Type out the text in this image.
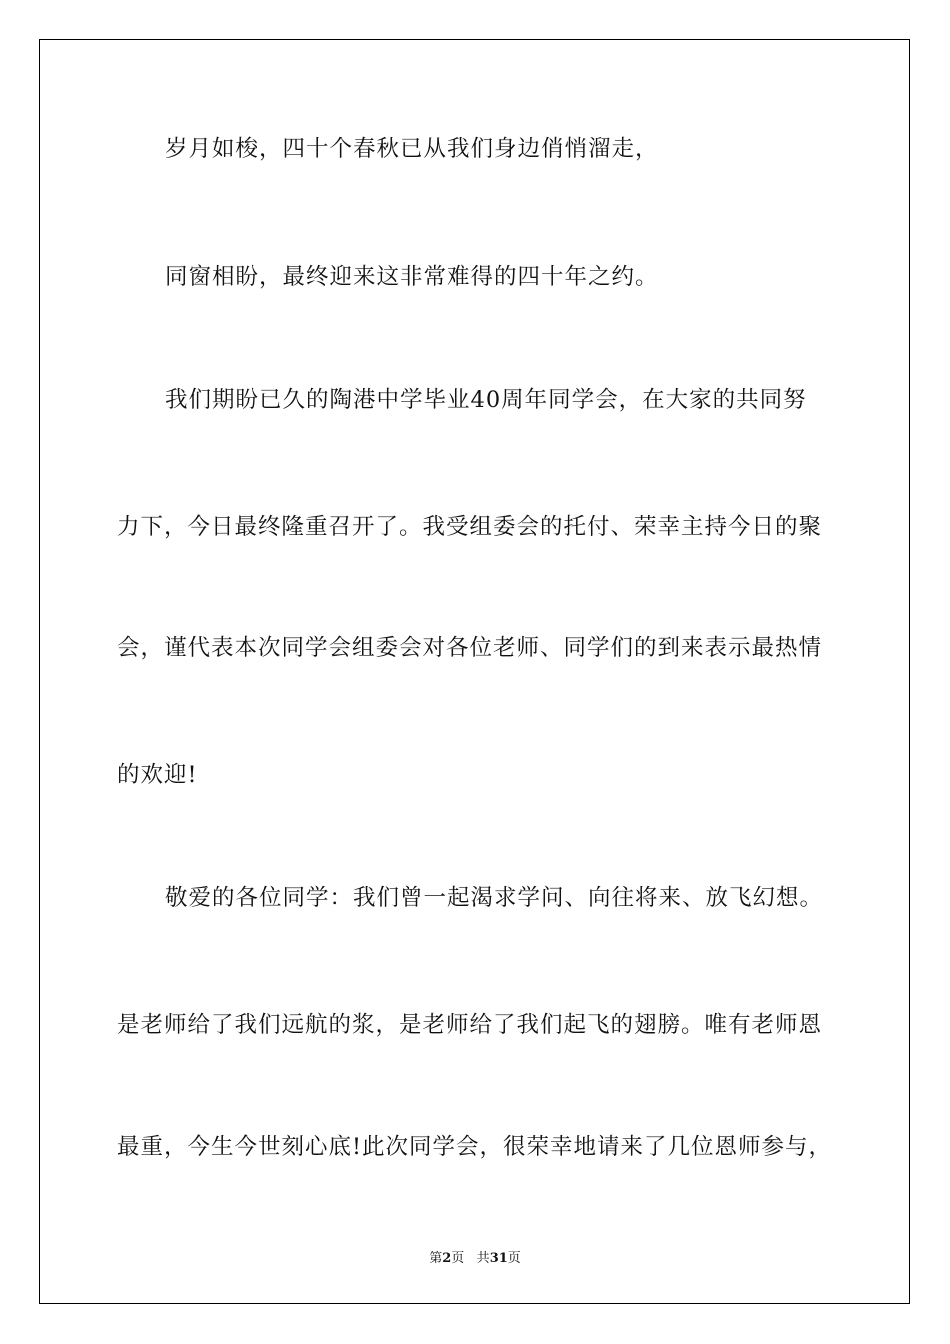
岁月如梭，四十个春秋已从我们身边俏悄溜走，
同窗相盼，最终迎来这非常难得的四十年之约。
我们期盼已久的陶港中学毕业40周年同学会，在大家的共同努
力下，今日最终隆重召开了。我受组委会的托付、荣幸主持今日的聚
会，谨代表本次同学会组委会对各位老师、同学们的到来表示最热情
的欢迎!
敬爱的各位同学：我们曾一起渴求学问、向往将来、放飞幻想。
是老师给了我们远航的浆，是老师给了我们起飞的翅膀。唯有老师恩
最重，今生今世刻心底!此次同学会，很荣幸地请来了几位恩师参与，
第2页 共31页
